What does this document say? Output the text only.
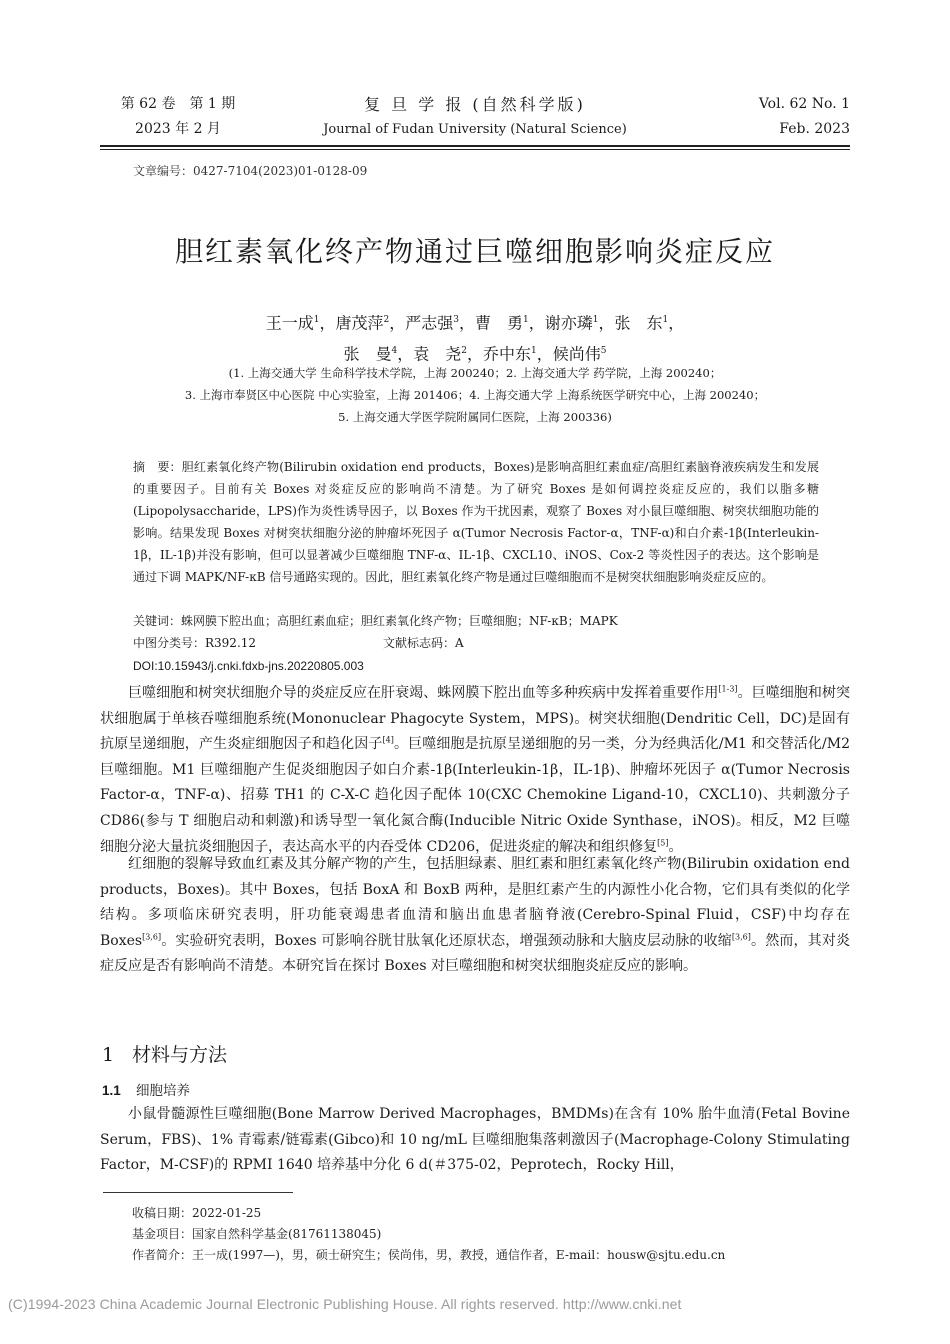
第 62 卷　第 1 期
2023 年 2 月
复 旦 学 报 (自然科学版)
Journal of Fudan University (Natural Science)
Vol. 62 No. 1
Feb. 2023
文章编号：0427-7104(2023)01-0128-09
胆红素氧化终产物通过巨噬细胞影响炎症反应
王一成$^1$，唐茂萍$^2$，严志强$^3$，曹　勇$^1$，谢亦璘$^1$，张　东$^1$，
张　曼$^4$，袁　尧$^2$，乔中东$^1$，候尚伟$^5$
(1. 上海交通大学 生命科学技术学院，上海 200240；2. 上海交通大学 药学院，上海 200240；
3. 上海市奉贤区中心医院 中心实验室，上海 201406；4. 上海交通大学 上海系统医学研究中心，上海 200240；
5. 上海交通大学医学院附属同仁医院，上海 200336)

摘　要：胆红素氧化终产物(Bilirubin oxidation end products，Boxes)是影响高胆红素血症/高胆红素脑脊液疾病发生和发展的重要因子。目前有关 Boxes 对炎症反应的影响尚不清楚。为了研究 Boxes 是如何调控炎症反应的，我们以脂多糖(Lipopolysaccharide，LPS)作为炎性诱导因子，以 Boxes 作为干扰因素，观察了 Boxes 对小鼠巨噬细胞、树突状细胞功能的影响。结果发现 Boxes 对树突状细胞分泌的肿瘤坏死因子 α(Tumor Necrosis Factor-α，TNF-α)和白介素-1β(Interleukin-1β，IL-1β)并没有影响，但可以显著减少巨噬细胞 TNF-α、IL-1β、CXCL10、iNOS、Cox-2 等炎性因子的表达。这个影响是通过下调 MAPK/NF-κB 信号通路实现的。因此，胆红素氧化终产物是通过巨噬细胞而不是树突状细胞影响炎症反应的。

关键词：蛛网膜下腔出血；高胆红素血症；胆红素氧化终产物；巨噬细胞；NF-κB；MAPK
中图分类号：R392.12	文献标志码：A
DOI:10.15943/j.cnki.fdxb-jns.20220805.003

巨噬细胞和树突状细胞介导的炎症反应在肝衰竭、蛛网膜下腔出血等多种疾病中发挥着重要作用[1-3]。巨噬细胞和树突状细胞属于单核吞噬细胞系统(Mononuclear Phagocyte System，MPS)。树突状细胞(Dendritic Cell，DC)是固有抗原呈递细胞，产生炎症细胞因子和趋化因子[4]。巨噬细胞是抗原呈递细胞的另一类，分为经典活化/M1 和交替活化/M2 巨噬细胞。M1 巨噬细胞产生促炎细胞因子如白介素-1β(Interleukin-1β，IL-1β)、肿瘤坏死因子 α(Tumor Necrosis Factor-α，TNF-α)、招募 TH1 的 C-X-C 趋化因子配体 10(CXC Chemokine Ligand-10，CXCL10)、共刺激分子 CD86(参与 T 细胞启动和刺激)和诱导型一氧化氮合酶(Inducible Nitric Oxide Synthase，iNOS)。相反，M2 巨噬细胞分泌大量抗炎细胞因子，表达高水平的内吞受体 CD206，促进炎症的解决和组织修复[5]。

红细胞的裂解导致血红素及其分解产物的产生，包括胆绿素、胆红素和胆红素氧化终产物(Bilirubin oxidation end products，Boxes)。其中 Boxes，包括 BoxA 和 BoxB 两种，是胆红素产生的内源性小化合物，它们具有类似的化学结构。多项临床研究表明，肝功能衰竭患者血清和脑出血患者脑脊液(Cerebro-Spinal Fluid，CSF)中均存在 Boxes[3,6]。实验研究表明，Boxes 可影响谷胱甘肽氧化还原状态，增强颈动脉和大脑皮层动脉的收缩[3,6]。然而，其对炎症反应是否有影响尚不清楚。本研究旨在探讨 Boxes 对巨噬细胞和树突状细胞炎症反应的影响。

1 材料与方法
1.1 细胞培养

小鼠骨髓源性巨噬细胞(Bone Marrow Derived Macrophages，BMDMs)在含有 10% 胎牛血清(Fetal Bovine Serum，FBS)、1% 青霉素/链霉素(Gibco)和 10 ng/mL 巨噬细胞集落刺激因子(Macrophage-Colony Stimulating Factor，M-CSF)的 RPMI 1640 培养基中分化 6 d(＃375-02，Peprotech，Rocky Hill，

收稿日期：2022-01-25
基金项目：国家自然科学基金(81761138045)
作者简介：王一成(1997—)，男，硕士研究生；侯尚伟，男，教授，通信作者，E-mail：housw@sjtu.edu.cn
(C)1994-2023 China Academic Journal Electronic Publishing House. All rights reserved. http://www.cnki.net
